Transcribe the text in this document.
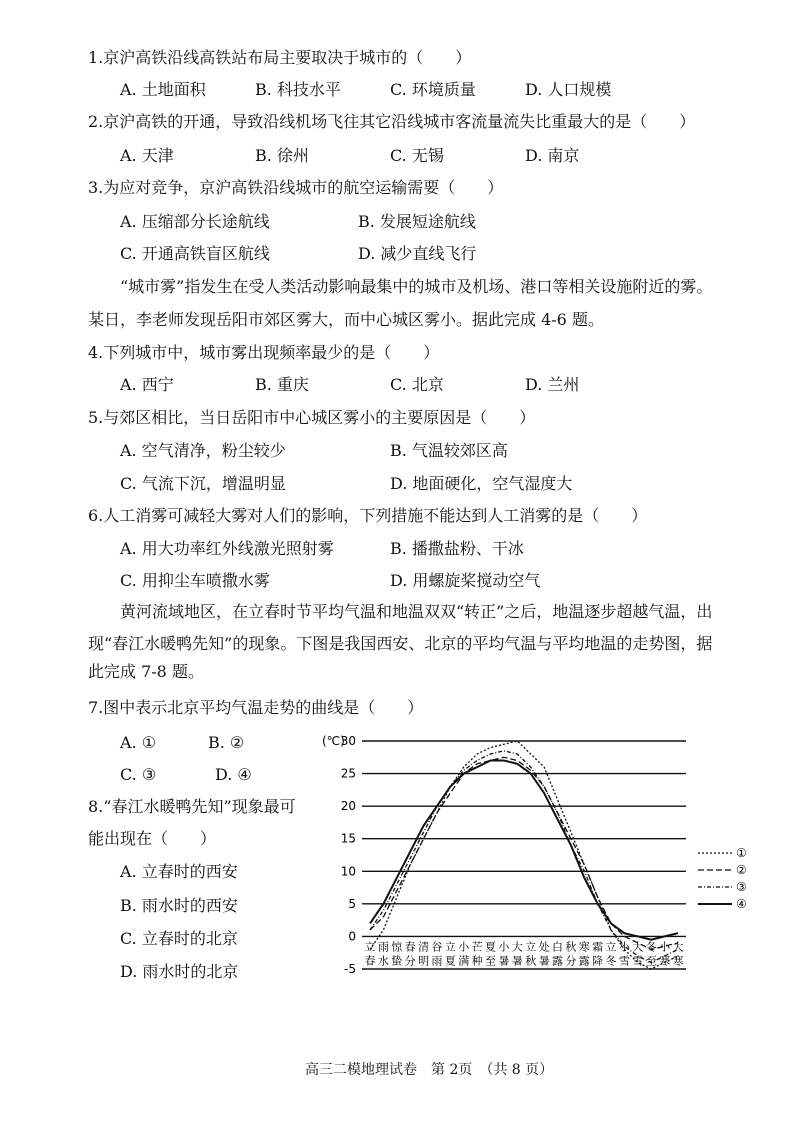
1.京沪高铁沿线高铁站布局主要取决于城市的（　　）
A. 土地面积	B. 科技水平	C. 环境质量	D. 人口规模
2.京沪高铁的开通，导致沿线机场飞往其它沿线城市客流量流失比重最大的是（　　）
A. 天津	B. 徐州	C. 无锡	D. 南京
3.为应对竞争，京沪高铁沿线城市的航空运输需要（　　）
A. 压缩部分长途航线	B. 发展短途航线
C. 开通高铁盲区航线	D. 减少直线飞行
“城市雾”指发生在受人类活动影响最集中的城市及机场、港口等相关设施附近的雾。
某日，李老师发现岳阳市郊区雾大，而中心城区雾小。据此完成 4-6 题。
4.下列城市中，城市雾出现频率最少的是（　　）
A. 西宁	B. 重庆	C. 北京	D. 兰州
5.与郊区相比，当日岳阳市中心城区雾小的主要原因是（　　）
A. 空气清净，粉尘较少	B. 气温较郊区高
C. 气流下沉，增温明显	D. 地面硬化，空气湿度大
6.人工消雾可减轻大雾对人们的影响，下列措施不能达到人工消雾的是（　　）
A. 用大功率红外线激光照射雾	B. 播撒盐粉、干冰
C. 用抑尘车喷撒水雾	D. 用螺旋桨搅动空气
黄河流域地区，在立春时节平均气温和地温双双“转正”之后，地温逐步超越气温，出
现“春江水暖鸭先知”的现象。下图是我国西安、北京的平均气温与平均地温的走势图，据
此完成 7-8 题。
7.图中表示北京平均气温走势的曲线是（　　）
A. ①	B. ②
C. ③	D. ④
8.“春江水暖鸭先知”现象最可
能出现在（　　）
A. 立春时的西安
B. 雨水时的西安
C. 立春时的北京
D. 雨水时的北京
(℃)
30
25
20
15
10
5
0
-5
立 雨 惊 春 清 谷 立 小 芒 夏 小 大 立 处 白 秋 寒 霜 立 小 大 冬 小 大
春 水 蛰 分 明 雨 夏 满 种 至 暑 暑 秋 暑 露 分 露 降 冬 雪 雪 至 寒 寒
①
②
③
④
高三二模地理试卷　第 2页　（共 8 页）
